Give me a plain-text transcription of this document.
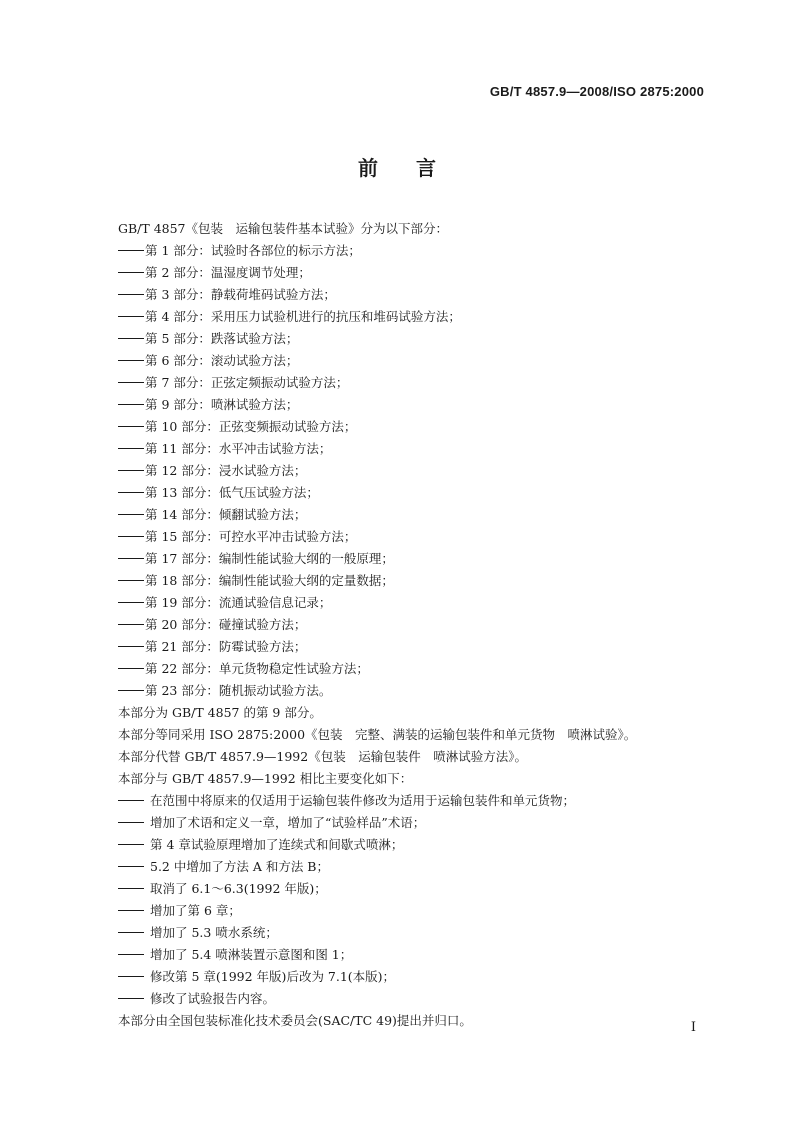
GB/T 4857.9—2008/ISO 2875:2000
前言
GB/T 4857《包装　运输包装件基本试验》分为以下部分：
第 1 部分：试验时各部位的标示方法；
第 2 部分：温湿度调节处理；
第 3 部分：静载荷堆码试验方法；
第 4 部分：采用压力试验机进行的抗压和堆码试验方法；
第 5 部分：跌落试验方法；
第 6 部分：滚动试验方法；
第 7 部分：正弦定频振动试验方法；
第 9 部分：喷淋试验方法；
第 10 部分：正弦变频振动试验方法；
第 11 部分：水平冲击试验方法；
第 12 部分：浸水试验方法；
第 13 部分：低气压试验方法；
第 14 部分：倾翻试验方法；
第 15 部分：可控水平冲击试验方法；
第 17 部分：编制性能试验大纲的一般原理；
第 18 部分：编制性能试验大纲的定量数据；
第 19 部分：流通试验信息记录；
第 20 部分：碰撞试验方法；
第 21 部分：防霉试验方法；
第 22 部分：单元货物稳定性试验方法；
第 23 部分：随机振动试验方法。
本部分为 GB/T 4857 的第 9 部分。
本部分等同采用 ISO 2875:2000《包装　完整、满装的运输包装件和单元货物　喷淋试验》。
本部分代替 GB/T 4857.9—1992《包装　运输包装件　喷淋试验方法》。
本部分与 GB/T 4857.9—1992 相比主要变化如下：
在范围中将原来的仅适用于运输包装件修改为适用于运输包装件和单元货物；
增加了术语和定义一章，增加了“试验样品”术语；
第 4 章试验原理增加了连续式和间歇式喷淋；
5.2 中增加了方法 A 和方法 B；
取消了 6.1～6.3(1992 年版)；
增加了第 6 章；
增加了 5.3 喷水系统；
增加了 5.4 喷淋装置示意图和图 1；
修改第 5 章(1992 年版)后改为 7.1(本版)；
修改了试验报告内容。
本部分由全国包装标准化技术委员会(SAC/TC 49)提出并归口。	I
